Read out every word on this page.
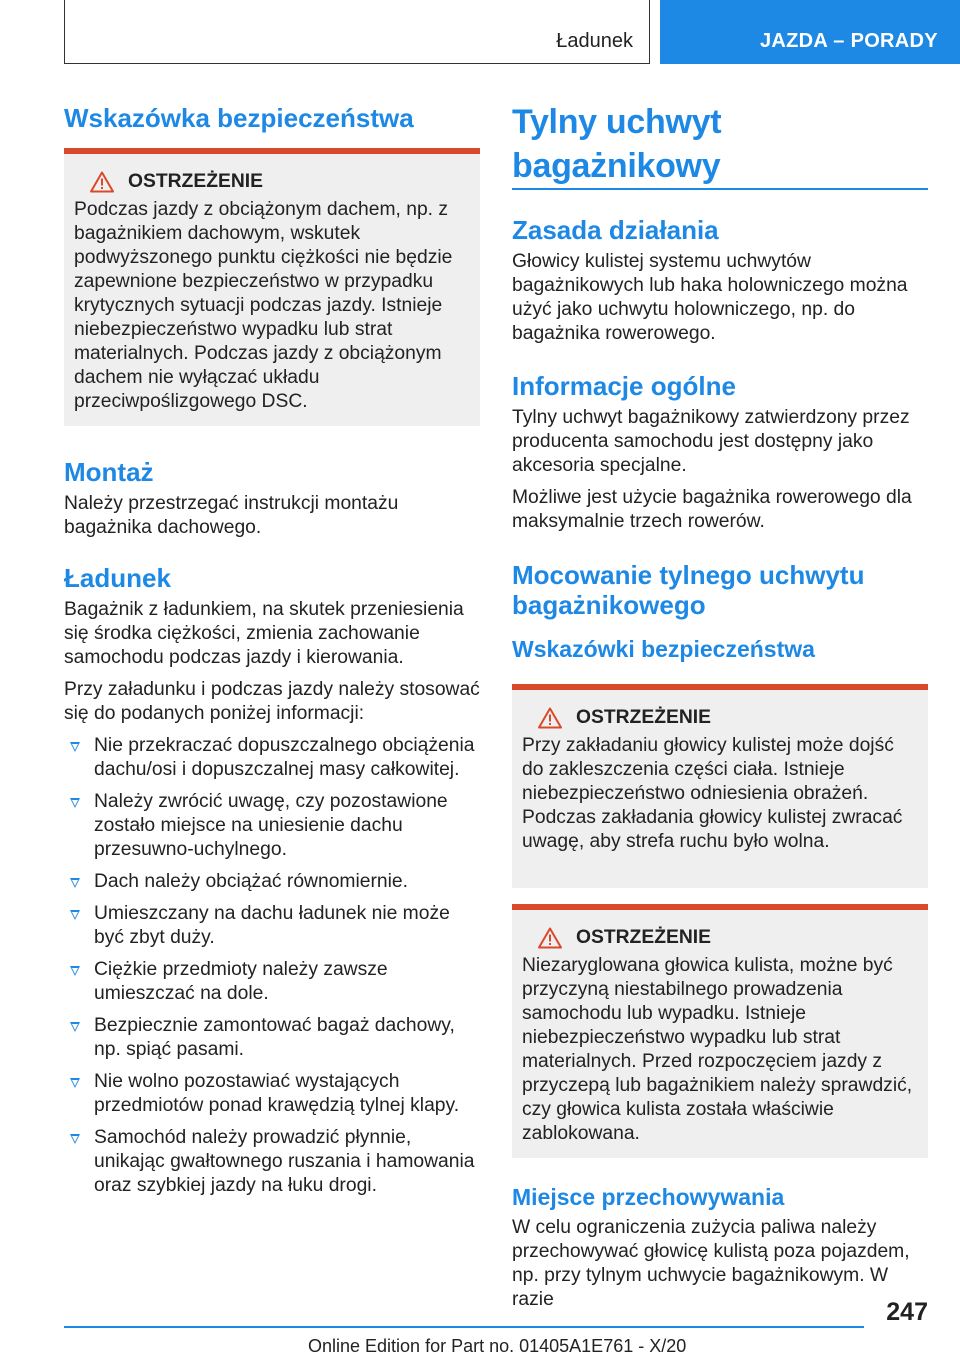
Ładunek	JAZDA – PORADY
Wskazówka bezpieczeństwa
OSTRZEŻENIE

Podczas jazdy z obciążonym dachem, np. z bagażnikiem dachowym, wskutek podwyższonego punktu ciężkości nie będzie zapewnione bezpieczeństwo w przypadku krytycznych sytuacji podczas jazdy. Istnieje niebezpieczeństwo wypadku lub strat materialnych. Podczas jazdy z obciążonym dachem nie wyłączać układu przeciwpoślizgowego DSC.

Montaż

Należy przestrzegać instrukcji montażu bagażnika dachowego.

Ładunek

Bagażnik z ładunkiem, na skutek przeniesienia się środka ciężkości, zmienia zachowanie samochodu podczas jazdy i kierowania.

Przy załadunku i podczas jazdy należy stosować się do podanych poniżej informacji:

Nie przekraczać dopuszczalnego obciążenia dachu/osi i dopuszczalnej masy całkowitej.
Należy zwrócić uwagę, czy pozostawione zostało miejsce na uniesienie dachu przesuwno-uchylnego.
Dach należy obciążać równomiernie.
Umieszczany na dachu ładunek nie może być zbyt duży.
Ciężkie przedmioty należy zawsze umieszczać na dole.
Bezpiecznie zamontować bagaż dachowy, np. spiąć pasami.
Nie wolno pozostawiać wystających przedmiotów ponad krawędzią tylnej klapy.
Samochód należy prowadzić płynnie, unikając gwałtownego ruszania i hamowania oraz szybkiej jazdy na łuku drogi.
Tylny uchwyt bagażnikowy
Zasada działania

Głowicy kulistej systemu uchwytów bagażnikowych lub haka holowniczego można użyć jako uchwytu holowniczego, np. do bagażnika rowerowego.

Informacje ogólne

Tylny uchwyt bagażnikowy zatwierdzony przez producenta samochodu jest dostępny jako akcesoria specjalne.

Możliwe jest użycie bagażnika rowerowego dla maksymalnie trzech rowerów.

Mocowanie tylnego uchwytu bagażnikowego
Wskazówki bezpieczeństwa
OSTRZEŻENIE

Przy zakładaniu głowicy kulistej może dojść do zakleszczenia części ciała. Istnieje niebezpieczeństwo odniesienia obrażeń. Podczas zakładania głowicy kulistej zwracać uwagę, aby strefa ruchu było wolna.

OSTRZEŻENIE

Niezaryglowana głowica kulista, możne być przyczyną niestabilnego prowadzenia samochodu lub wypadku. Istnieje niebezpieczeństwo wypadku lub strat materialnych. Przed rozpoczęciem jazdy z przyczepą lub bagażnikiem należy sprawdzić, czy głowica kulista została właściwie zablokowana.

Miejsce przechowywania

W celu ograniczenia zużycia paliwa należy przechowywać głowicę kulistą poza pojazdem, np. przy tylnym uchwycie bagażnikowym. W razie	247
Online Edition for Part no. 01405A1E761 - X/20
